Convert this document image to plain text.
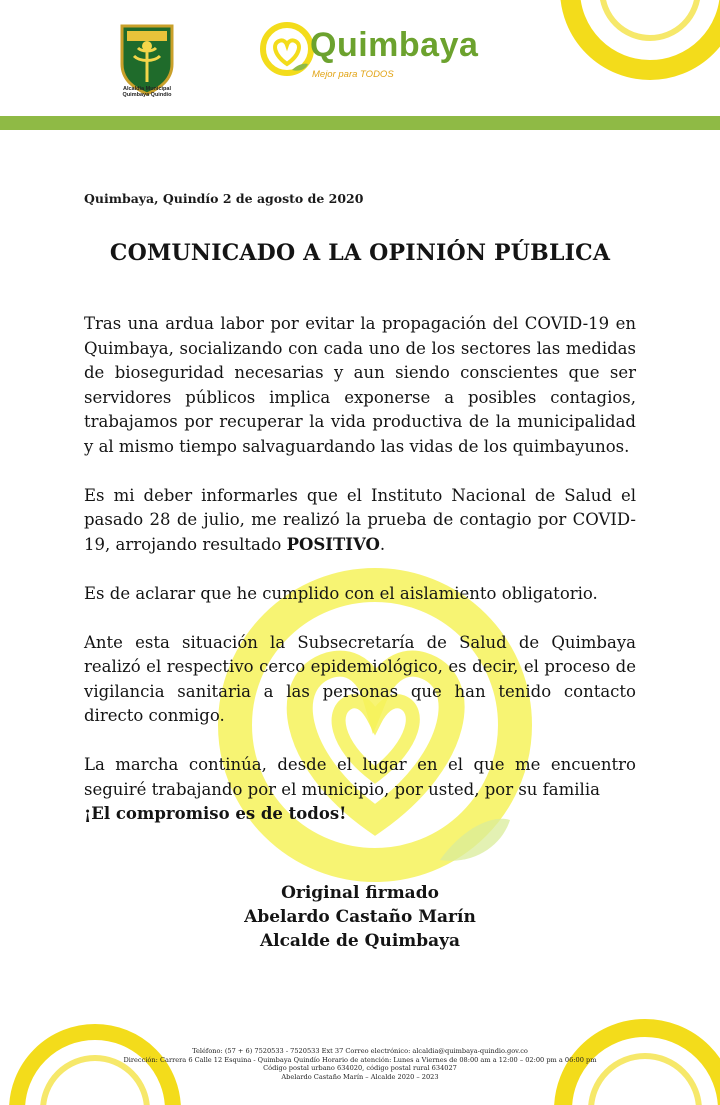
Alcaldía Municipal
Quimbaya Quindío
Quimbaya
Mejor para TODOS
Quimbaya, Quindío 2 de agosto de 2020
COMUNICADO A LA OPINIÓN PÚBLICA

Tras una ardua labor por evitar la propagación del COVID-19 en Quimbaya, socializando con cada uno de los sectores las medidas de bioseguridad necesarias y aun siendo conscientes que ser servidores públicos implica exponerse a posibles contagios, trabajamos por recuperar la vida productiva de la municipalidad y al mismo tiempo salvaguardando las vidas de los quimbayunos.

Es mi deber informarles que el Instituto Nacional de Salud el pasado 28 de julio, me realizó la prueba de contagio por COVID-19, arrojando resultado POSITIVO.

Es de aclarar que he cumplido con el aislamiento obligatorio.

Ante esta situación la Subsecretaría de Salud de Quimbaya realizó el respectivo cerco epidemiológico, es decir, el proceso de vigilancia sanitaria a las personas que han tenido contacto directo conmigo.

La marcha continúa, desde el lugar en el que me encuentro seguiré trabajando por el municipio, por usted, por su familia
¡El compromiso es de todos!

Original firmado
Abelardo Castaño Marín
Alcalde de Quimbaya
Teléfono: (57 + 6) 7520533 - 7520533 Ext 37 Correo electrónico: alcaldia@quimbaya-quindio.gov.co
Dirección: Carrera 6 Calle 12 Esquina - Quimbaya Quindío Horario de atención: Lunes a Viernes de 08:00 am a 12:00 – 02:00 pm a 06:00 pm
Código postal urbano 634020, código postal rural 634027
Abelardo Castaño Marín – Alcalde 2020 – 2023
